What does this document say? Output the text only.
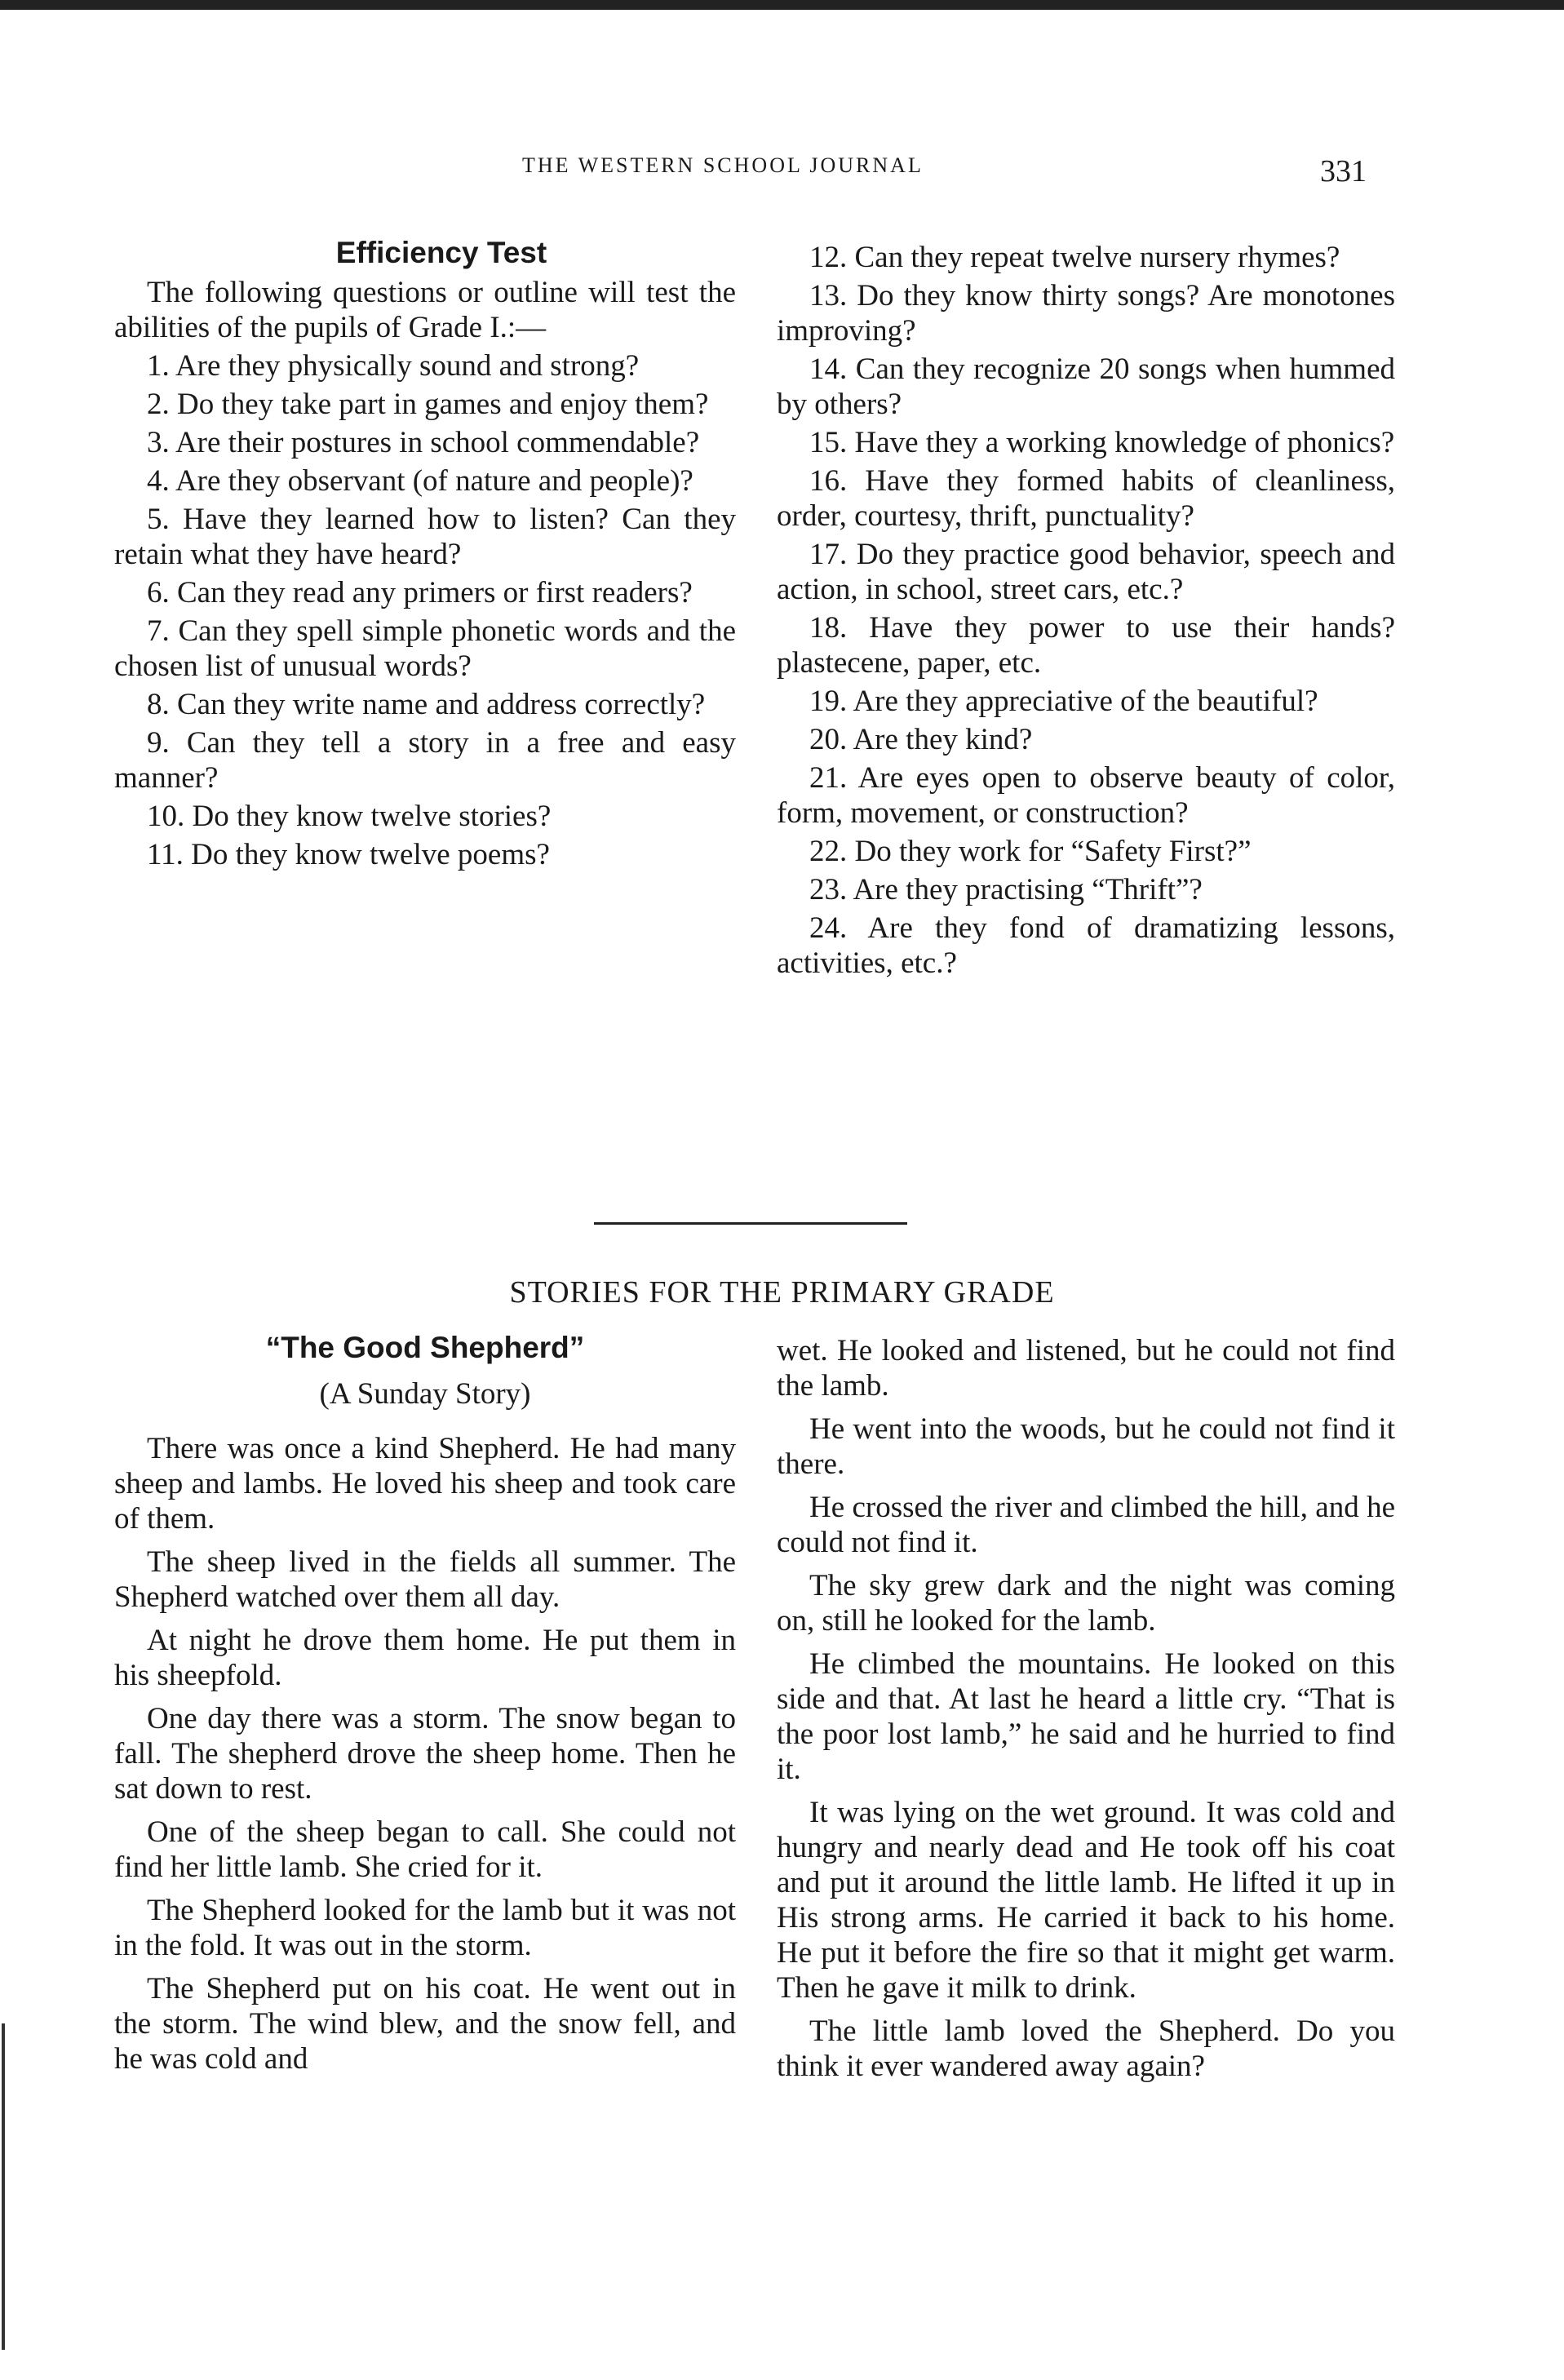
THE WESTERN SCHOOL JOURNAL	331
Efficiency Test

The following questions or outline will test the abilities of the pupils of Grade I.:—

1. Are they physically sound and strong?

2. Do they take part in games and enjoy them?

3. Are their postures in school commendable?

4. Are they observant (of nature and people)?

5. Have they learned how to listen? Can they retain what they have heard?

6. Can they read any primers or first readers?

7. Can they spell simple phonetic words and the chosen list of unusual words?

8. Can they write name and address correctly?

9. Can they tell a story in a free and easy manner?

10. Do they know twelve stories?

11. Do they know twelve poems?

12. Can they repeat twelve nursery rhymes?

13. Do they know thirty songs? Are monotones improving?

14. Can they recognize 20 songs when hummed by others?

15. Have they a working knowledge of phonics?

16. Have they formed habits of cleanliness, order, courtesy, thrift, punctuality?

17. Do they practice good behavior, speech and action, in school, street cars, etc.?

18. Have they power to use their hands? plastecene, paper, etc.

19. Are they appreciative of the beautiful?

20. Are they kind?

21. Are eyes open to observe beauty of color, form, movement, or construction?

22. Do they work for “Safety First?”

23. Are they practising “Thrift”?

24. Are they fond of dramatizing lessons, activities, etc.?

STORIES FOR THE PRIMARY GRADE
“The Good Shepherd”
(A Sunday Story)

There was once a kind Shepherd. He had many sheep and lambs. He loved his sheep and took care of them.

The sheep lived in the fields all summer. The Shepherd watched over them all day.

At night he drove them home. He put them in his sheepfold.

One day there was a storm. The snow began to fall. The shepherd drove the sheep home. Then he sat down to rest.

One of the sheep began to call. She could not find her little lamb. She cried for it.

The Shepherd looked for the lamb but it was not in the fold. It was out in the storm.

The Shepherd put on his coat. He went out in the storm. The wind blew, and the snow fell, and he was cold and

wet. He looked and listened, but he could not find the lamb.

He went into the woods, but he could not find it there.

He crossed the river and climbed the hill, and he could not find it.

The sky grew dark and the night was coming on, still he looked for the lamb.

He climbed the mountains. He looked on this side and that. At last he heard a little cry. “That is the poor lost lamb,” he said and he hurried to find it.

It was lying on the wet ground. It was cold and hungry and nearly dead and He took off his coat and put it around the little lamb. He lifted it up in His strong arms. He carried it back to his home. He put it before the fire so that it might get warm. Then he gave it milk to drink.

The little lamb loved the Shepherd. Do you think it ever wandered away again?
